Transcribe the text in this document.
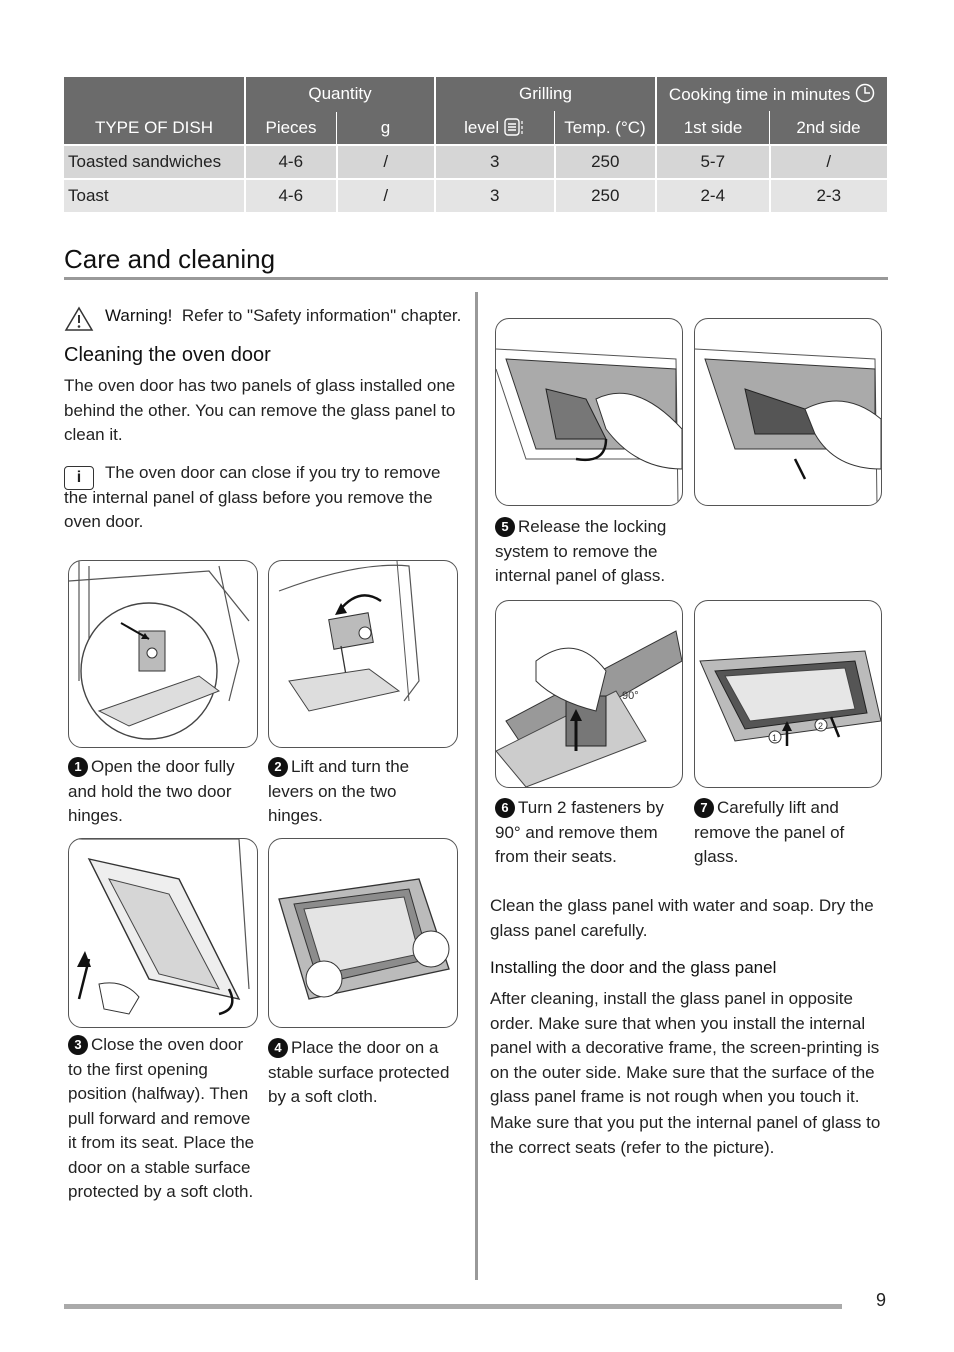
TYPE OF DISH	Quantity		Grilling		Cooking time in minutes	
	Pieces	g	level	Temp. (°C)	1st side	2nd side
Toasted sandwiches	4-6	/	3	250	5-7	/
Toast	4-6	/	3	250	2-4	2-3
Care and cleaning
Warning! Refer to "Safety information" chapter.
Cleaning the oven door
The oven door has two panels of glass installed one behind the other. You can remove the glass panel to clean it.
i	The oven door can close if you try to remove the internal panel of glass before you remove the oven door.
1 Open the door fully and hold the two door hinges.
2 Lift and turn the levers on the two hinges.
3 Close the oven door to the first opening position (halfway). Then pull forward and remove it from its seat. Place the door on a stable surface protected by a soft cloth.
4 Place the door on a stable surface protected by a soft cloth.
5 Release the locking system to remove the internal panel of glass.
90°
1
2
6 Turn 2 fasteners by 90° and remove them from their seats.
7 Carefully lift and remove the panel of glass.
Clean the glass panel with water and soap. Dry the glass panel carefully.
Installing the door and the glass panel
After cleaning, install the glass panel in opposite order. Make sure that when you install the internal panel with a decorative frame, the screen-printing is on the outer side. Make sure that the surface of the glass panel frame is not rough when you touch it.
Make sure that you put the internal panel of glass to the correct seats (refer to the picture).
9
